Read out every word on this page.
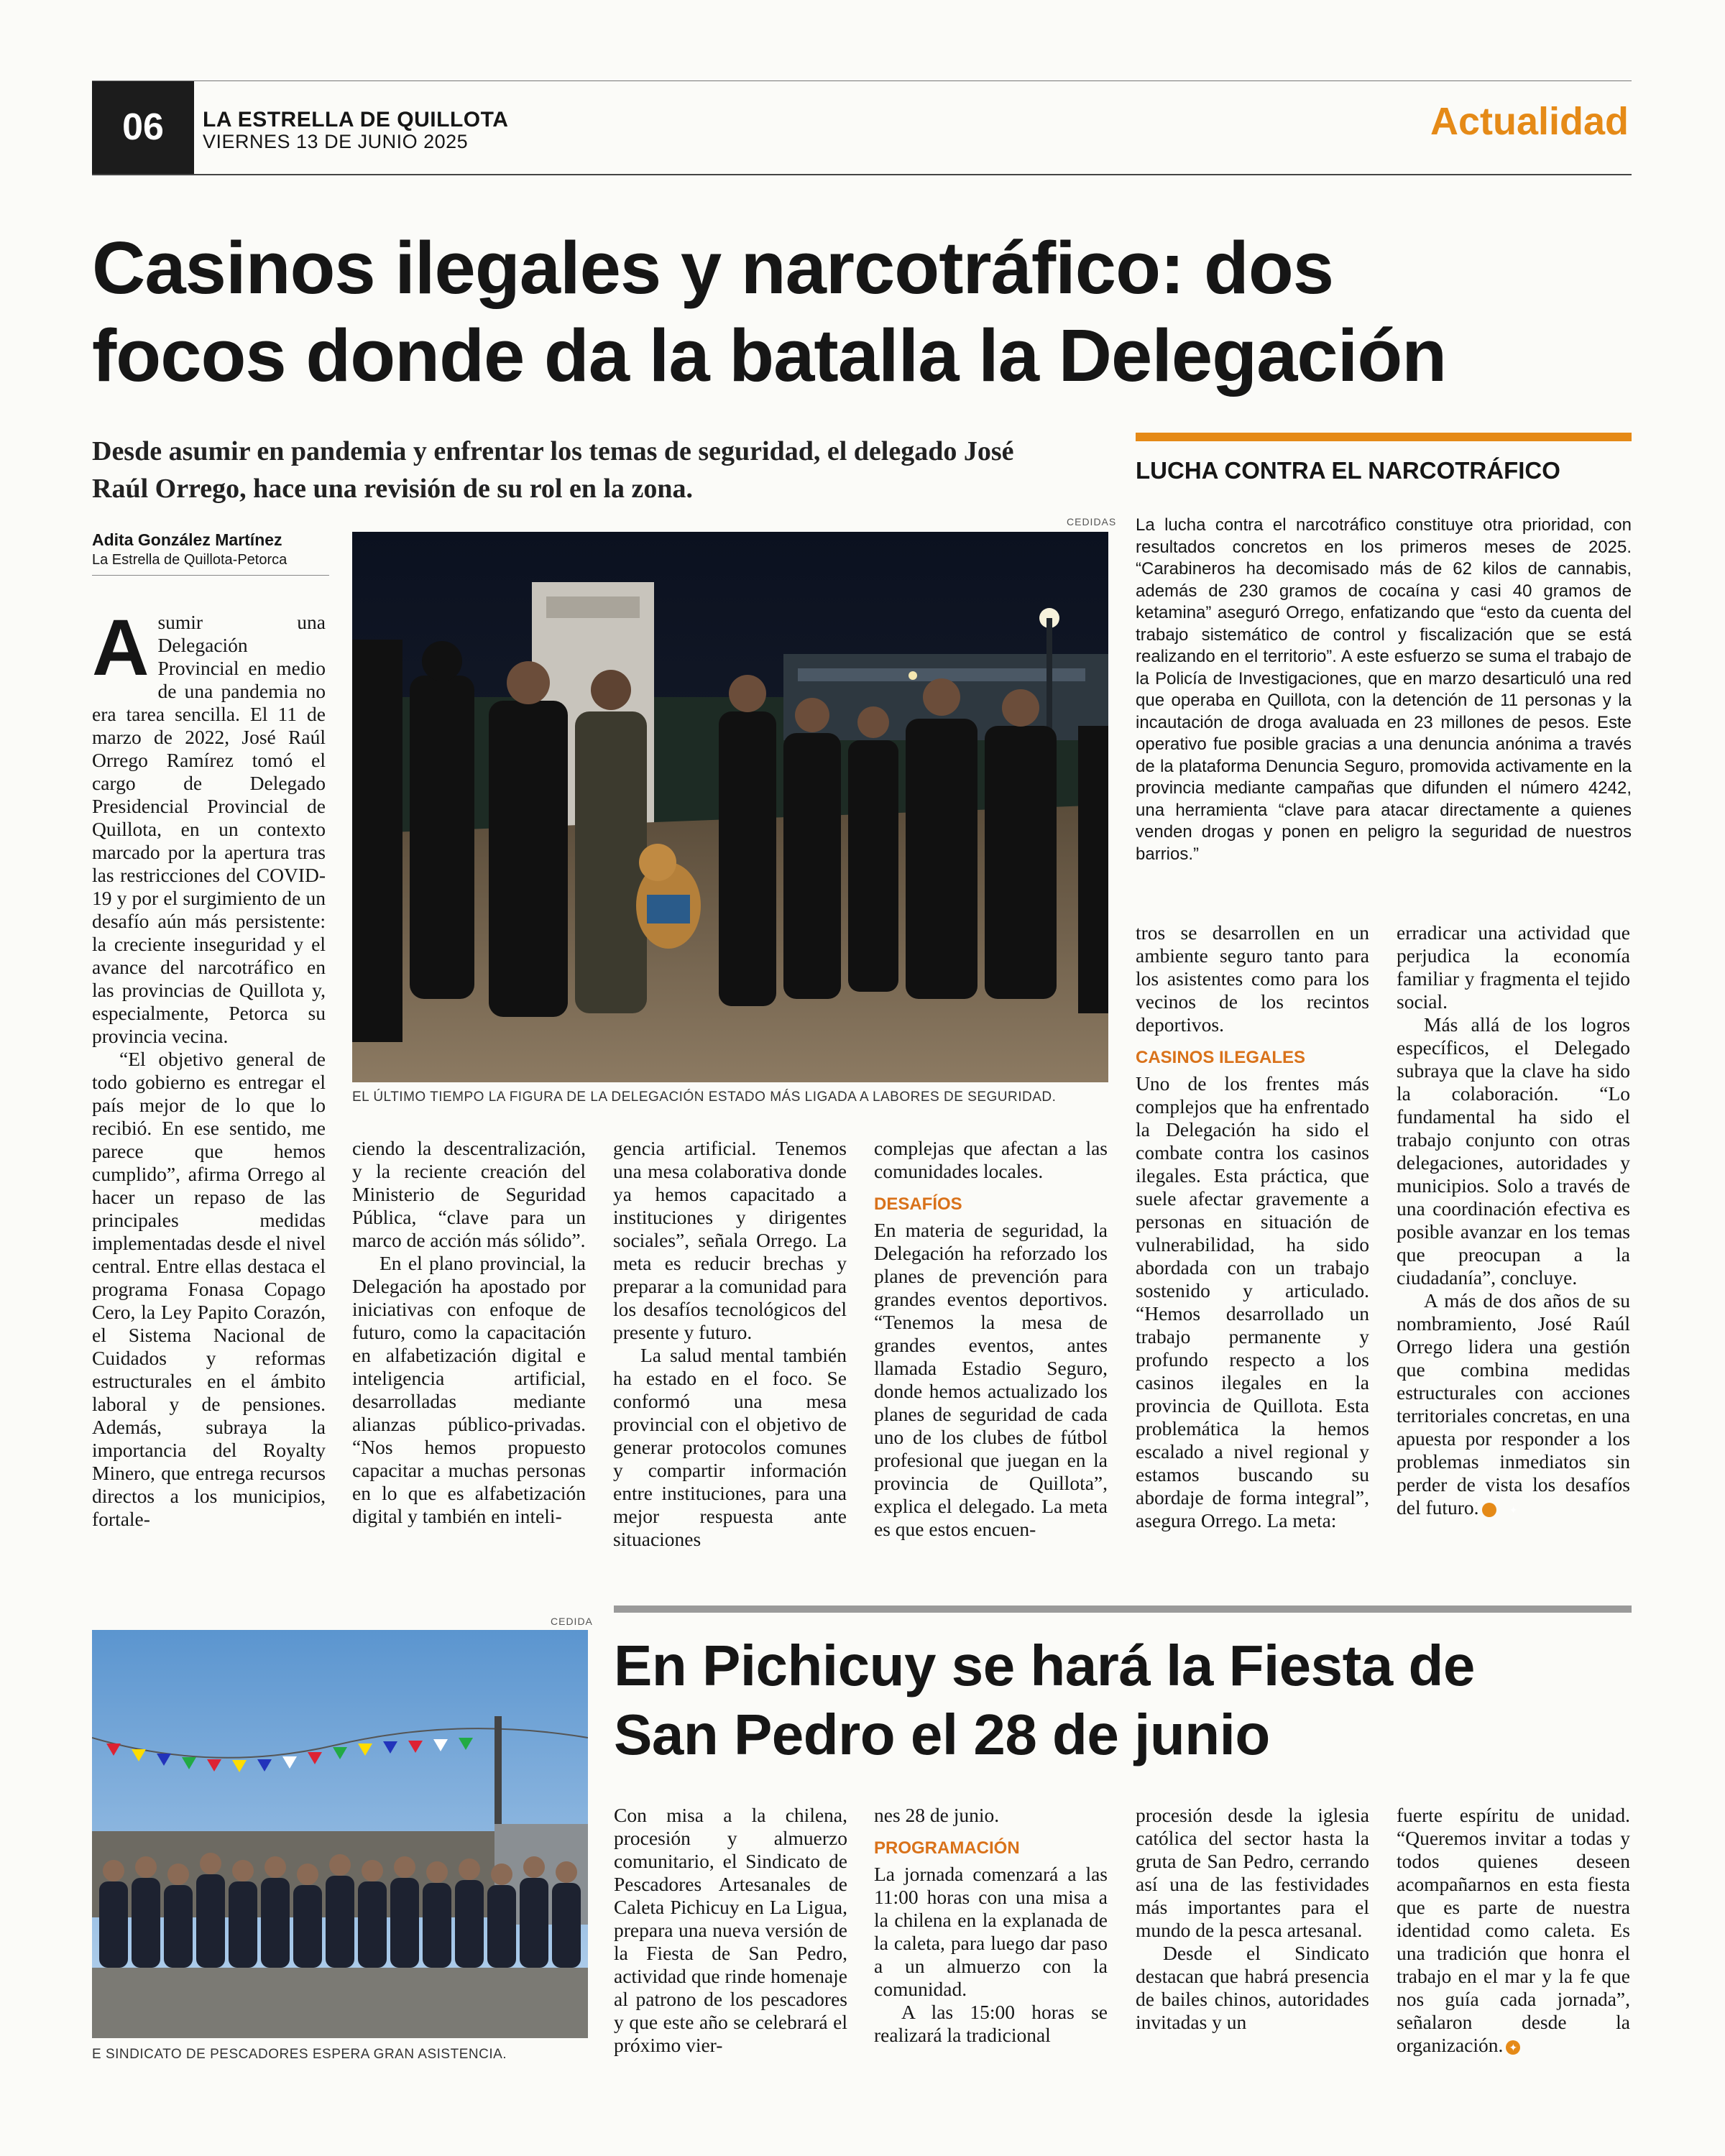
06	LA ESTRELLA DE QUILLOTA
VIERNES 13 DE JUNIO 2025	Actualidad
Casinos ilegales y narcotráfico: dos
focos donde da la batalla la Delegación
Desde asumir en pandemia y enfrentar los temas de seguridad, el delegado José Raúl Orrego, hace una revisión de su rol en la zona.
Adita González Martínez
La Estrella de Quillota-Petorca
CEDIDAS
EL ÚLTIMO TIEMPO LA FIGURA DE LA DELEGACIÓN ESTADO MÁS LIGADA A LABORES DE SEGURIDAD.

Asumir una Delegación Provincial en medio de una pandemia no era tarea sencilla. El 11 de marzo de 2022, José Raúl Orrego Ramírez tomó el cargo de Delegado Presidencial Provincial de Quillota, en un contexto marcado por la apertura tras las restricciones del COVID-19 y por el surgimiento de un desafío aún más persistente: la creciente inseguridad y el avance del narcotráfico en las provincias de Quillota y, especialmente, Petorca su provincia vecina.

“El objetivo general de todo gobierno es entregar el país mejor de lo que lo recibió. En ese sentido, me parece que hemos cumplido”, afirma Orrego al hacer un repaso de las principales medidas implementadas desde el nivel central. Entre ellas destaca el programa Fonasa Copago Cero, la Ley Papito Corazón, el Sistema Nacional de Cuidados y reformas estructurales en el ámbito laboral y de pensiones. Además, subraya la importancia del Royalty Minero, que entrega recursos directos a los municipios, fortale-

ciendo la descentralización, y la reciente creación del Ministerio de Seguridad Pública, “clave para un marco de acción más sólido”.

En el plano provincial, la Delegación ha apostado por iniciativas con enfoque de futuro, como la capacitación en alfabetización digital e inteligencia artificial, desarrolladas mediante alianzas público-privadas. “Nos hemos propuesto capacitar a muchas personas en lo que es alfabetización digital y también en inteli-

gencia artificial. Tenemos una mesa colaborativa donde ya hemos capacitado a instituciones y dirigentes sociales”, señala Orrego. La meta es reducir brechas y preparar a la comunidad para los desafíos tecnológicos del presente y futuro.

La salud mental también ha estado en el foco. Se conformó una mesa provincial con el objetivo de generar protocolos comunes y compartir información entre instituciones, para una mejor respuesta ante situaciones

complejas que afectan a las comunidades locales.

DESAFÍOS

En materia de seguridad, la Delegación ha reforzado los planes de prevención para grandes eventos deportivos. “Tenemos la mesa de grandes eventos, antes llamada Estadio Seguro, donde hemos actualizado los planes de seguridad de cada uno de los clubes de fútbol profesional que juegan en la provincia de Quillota”, explica el delegado. La meta es que estos encuen-

LUCHA CONTRA EL NARCOTRÁFICO
La lucha contra el narcotráfico constituye otra prioridad, con resultados concretos en los primeros meses de 2025. “Carabineros ha decomisado más de 62 kilos de cannabis, además de 230 gramos de cocaína y casi 40 gramos de ketamina” aseguró Orrego, enfatizando que “esto da cuenta del trabajo sistemático de control y fiscalización que se está realizando en el territorio”. A este esfuerzo se suma el trabajo de la Policía de Investigaciones, que en marzo desarticuló una red que operaba en Quillota, con la detención de 11 personas y la incautación de droga avaluada en 23 millones de pesos. Este operativo fue posible gracias a una denuncia anónima a través de la plataforma Denuncia Seguro, promovida activamente en la provincia mediante campañas que difunden el número 4242, una herramienta “clave para atacar directamente a quienes venden drogas y ponen en peligro la seguridad de nuestros barrios.”

tros se desarrollen en un ambiente seguro tanto para los asistentes como para los vecinos de los recintos deportivos.

CASINOS ILEGALES

Uno de los frentes más complejos que ha enfrentado la Delegación ha sido el combate contra los casinos ilegales. Esta práctica, que suele afectar gravemente a personas en situación de vulnerabilidad, ha sido abordada con un trabajo sostenido y articulado. “Hemos desarrollado un trabajo permanente y profundo respecto a los casinos ilegales en la provincia de Quillota. Esta problemática la hemos escalado a nivel regional y estamos buscando su abordaje de forma integral”, asegura Orrego. La meta:

erradicar una actividad que perjudica la economía familiar y fragmenta el tejido social.

Más allá de los logros específicos, el Delegado subraya que la clave ha sido la colaboración. “Lo fundamental ha sido el trabajo conjunto con otras delegaciones, autoridades y municipios. Solo a través de una coordinación efectiva es posible avanzar en los temas que preocupan a la ciudadanía”, concluye.

A más de dos años de su nombramiento, José Raúl Orrego lidera una gestión que combina medidas estructurales con acciones territoriales concretas, en una apuesta por responder a los problemas inmediatos sin perder de vista los desafíos del futuro.	✦

CEDIDA
E SINDICATO DE PESCADORES ESPERA GRAN ASISTENCIA.
En Pichicuy se hará la Fiesta de
San Pedro el 28 de junio

Con misa a la chilena, procesión y almuerzo comunitario, el Sindicato de Pescadores Artesanales de Caleta Pichicuy en La Ligua, prepara una nueva versión de la Fiesta de San Pedro, actividad que rinde homenaje al patrono de los pescadores y que este año se celebrará el próximo vier-

nes 28 de junio.

PROGRAMACIÓN

La jornada comenzará a las 11:00 horas con una misa a la chilena en la explanada de la caleta, para luego dar paso a un almuerzo con la comunidad.

A las 15:00 horas se realizará la tradicional

procesión desde la iglesia católica del sector hasta la gruta de San Pedro, cerrando así una de las festividades más importantes para el mundo de la pesca artesanal.

Desde el Sindicato destacan que habrá presencia de bailes chinos, autoridades invitadas y un

fuerte espíritu de unidad. “Queremos invitar a todas y todos quienes deseen acompañarnos en esta fiesta que es parte de nuestra identidad como caleta. Es una tradición que honra el trabajo en el mar y la fe que nos guía cada jornada”, señalaron desde la organización. ✦
